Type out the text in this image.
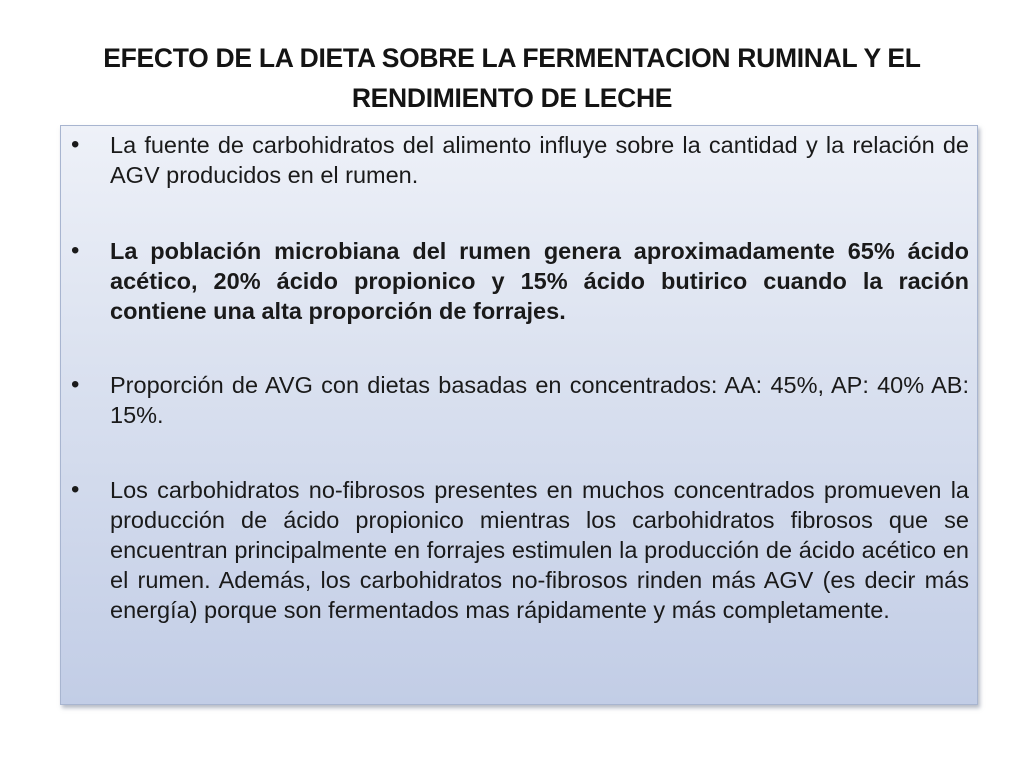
EFECTO DE LA DIETA SOBRE LA FERMENTACION RUMINAL Y EL RENDIMIENTO DE LECHE
• La fuente de carbohidratos del alimento influye sobre la cantidad y la relación de AGV producidos en el rumen.

• La población microbiana del rumen genera aproximadamente 65% ácido acético, 20% ácido propionico y 15% ácido butirico cuando la ración contiene una alta proporción de forrajes.

• Proporción de AVG con dietas basadas en concentrados: AA: 45%, AP: 40% AB: 15%.

• Los carbohidratos no-fibrosos presentes en muchos concentrados promueven la producción de ácido propionico mientras los carbohidratos fibrosos que se encuentran principalmente en forrajes estimulen la producción de ácido acético en el rumen. Además, los carbohidratos no-fibrosos rinden más AGV (es decir más energía) porque son fermentados mas rápidamente y más completamente.
